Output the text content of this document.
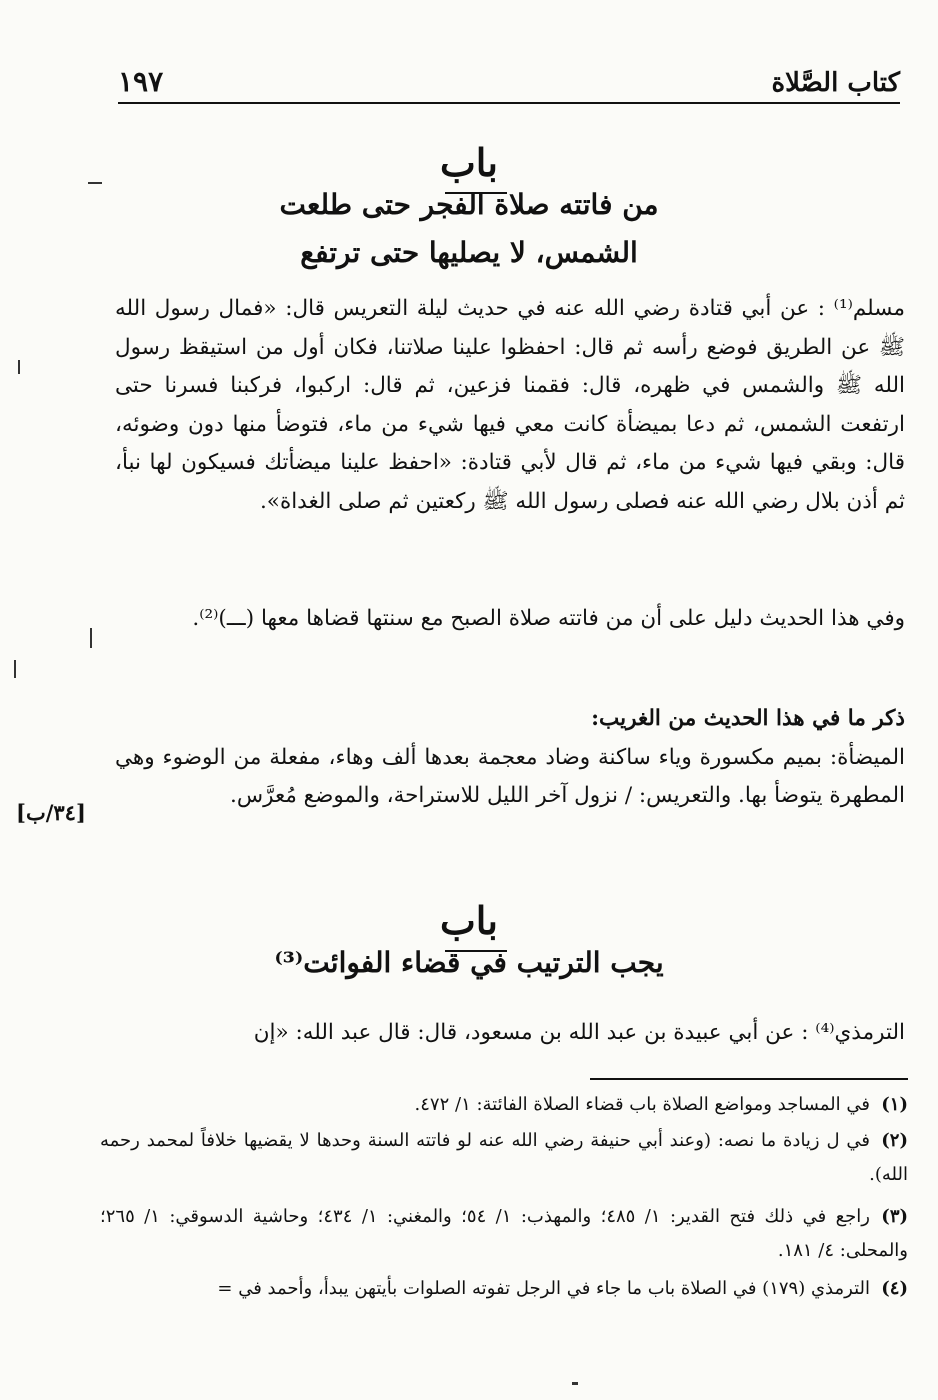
١٩٧	كتاب الصَّلاة
باب
من فاتته صلاة الفجر حتى طلعت
الشمس، لا يصليها حتى ترتفع

مسلم⁽¹⁾ : عن أبي قتادة رضي الله عنه في حديث ليلة التعريس قال: «فمال رسول الله ﷺ عن الطريق فوضع رأسه ثم قال: احفظوا علينا صلاتنا، فكان أول من استيقظ رسول الله ﷺ والشمس في ظهره، قال: فقمنا فزعين، ثم قال: اركبوا، فركبنا فسرنا حتى ارتفعت الشمس، ثم دعا بميضأة كانت معي فيها شيء من ماء، فتوضأ منها دون وضوئه، قال: وبقي فيها شيء من ماء، ثم قال لأبي قتادة: «احفظ علينا ميضأتك فسيكون لها نبأ، ثم أذن بلال رضي الله عنه فصلى رسول الله ﷺ ركعتين ثم صلى الغداة».

وفي هذا الحديث دليل على أن من فاتته صلاة الصبح مع سنتها قضاها معها (ـــ)⁽²⁾.

ذكر ما في هذا الحديث من الغريب:

الميضأة: بميم مكسورة وياء ساكنة وضاد معجمة بعدها ألف وهاء، مفعلة من الوضوء وهي المطهرة يتوضأ بها. والتعريس: / نزول آخر الليل للاستراحة، والموضع مُعرَّس.

[٣٤/ب]
باب
يجب الترتيب في قضاء الفوائت⁽³⁾

الترمذي⁽⁴⁾ : عن أبي عبيدة بن عبد الله بن مسعود، قال: قال عبد الله: «إن

(١)في المساجد ومواضع الصلاة باب قضاء الصلاة الفائتة: ١/ ٤٧٢.
(٢)في ل زيادة ما نصه: (وعند أبي حنيفة رضي الله عنه لو فاتته السنة وحدها لا يقضيها خلافاً لمحمد رحمه الله).
(٣)راجع في ذلك فتح القدير: ١/ ٤٨٥؛ والمهذب: ١/ ٥٤؛ والمغني: ١/ ٤٣٤؛ وحاشية الدسوقي: ١/ ٢٦٥؛ والمحلى: ٤/ ١٨١.
(٤)الترمذي (١٧٩) في الصلاة باب ما جاء في الرجل تفوته الصلوات بأيتهن يبدأ، وأحمد في =
